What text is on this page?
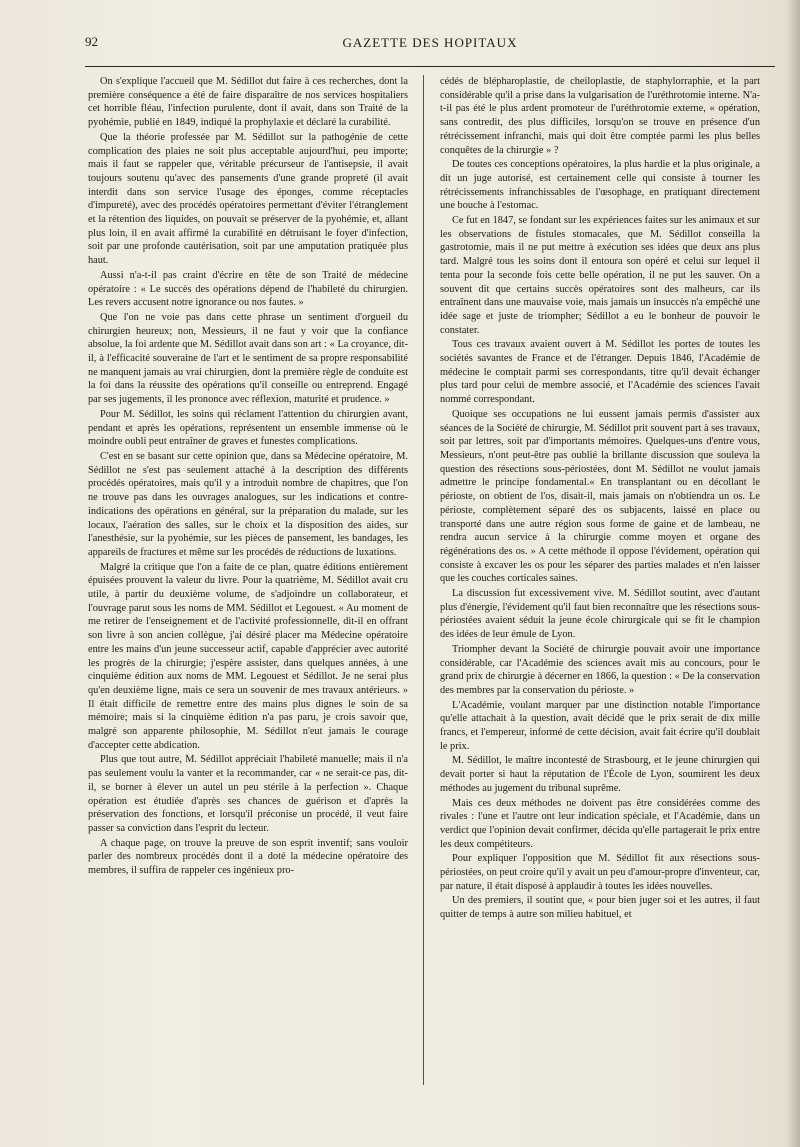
92	GAZETTE DES HOPITAUX

On s'explique l'accueil que M. Sédillot dut faire à ces recherches, dont la première conséquence a été de faire disparaître de nos services hospitaliers cet horrible fléau, l'infection purulente, dont il avait, dans son Traité de la pyohémie, publié en 1849, indiqué la prophylaxie et déclaré la curabilité.

Que la théorie professée par M. Sédillot sur la pathogénie de cette complication des plaies ne soit plus acceptable aujourd'hui, peu importe; mais il faut se rappeler que, véritable précurseur de l'antisepsie, il avait toujours soutenu qu'avec des pansements d'une grande propreté (il avait interdit dans son service l'usage des éponges, comme réceptacles d'impureté), avec des procédés opératoires permettant d'éviter l'étranglement et la rétention des liquides, on pouvait se préserver de la pyohémie, et, allant plus loin, il en avait affirmé la curabilité en détruisant le foyer d'infection, soit par une profonde cautérisation, soit par une amputation pratiquée plus haut.

Aussi n'a-t-il pas craint d'écrire en tête de son Traité de médecine opératoire : « Le succès des opérations dépend de l'habileté du chirurgien. Les revers accusent notre ignorance ou nos fautes. »

Que l'on ne voie pas dans cette phrase un sentiment d'orgueil du chirurgien heureux; non, Messieurs, il ne faut y voir que la confiance absolue, la foi ardente que M. Sédillot avait dans son art : « La croyance, dit-il, à l'efficacité souveraine de l'art et le sentiment de sa propre responsabilité ne manquent jamais au vrai chirurgien, dont la première règle de conduite est la foi dans la réussite des opérations qu'il conseille ou entreprend. Engagé par ses jugements, il les prononce avec réflexion, maturité et prudence. »

Pour M. Sédillot, les soins qui réclament l'attention du chirurgien avant, pendant et après les opérations, représentent un ensemble immense où le moindre oubli peut entraîner de graves et funestes complications.

C'est en se basant sur cette opinion que, dans sa Médecine opératoire, M. Sédillot ne s'est pas seulement attaché à la description des différents procédés opératoires, mais qu'il y a introduit nombre de chapitres, que l'on ne trouve pas dans les ouvrages analogues, sur les indications et contre-indications des opérations en général, sur la préparation du malade, sur les locaux, l'aération des salles, sur le choix et la disposition des aides, sur l'anesthésie, sur la pyohémie, sur les pièces de pansement, les bandages, les appareils de fractures et même sur les procédés de réductions de luxations.

Malgré la critique que l'on a faite de ce plan, quatre éditions entièrement épuisées prouvent la valeur du livre. Pour la quatrième, M. Sédillot avait cru utile, à partir du deuxième volume, de s'adjoindre un collaborateur, et l'ouvrage parut sous les noms de MM. Sédillot et Legouest. « Au moment de me retirer de l'enseignement et de l'activité professionnelle, dit-il en offrant son livre à son ancien collègue, j'ai désiré placer ma Médecine opératoire entre les mains d'un jeune successeur actif, capable d'apprécier avec autorité les progrès de la chirurgie; j'espère assister, dans quelques années, à une cinquième édition aux noms de MM. Legouest et Sédillot. Je ne serai plus qu'en deuxième ligne, mais ce sera un souvenir de mes travaux antérieurs. » Il était difficile de remettre entre des mains plus dignes le soin de sa mémoire; mais si la cinquième édition n'a pas paru, je crois savoir que, malgré son apparente philosophie, M. Sédillot n'eut jamais le courage d'accepter cette abdication.

Plus que tout autre, M. Sédillot appréciait l'habileté manuelle; mais il n'a pas seulement voulu la vanter et la recommander, car « ne serait-ce pas, dit-il, se borner à élever un autel un peu stérile à la perfection ». Chaque opération est étudiée d'après ses chances de guérison et d'après la préservation des fonctions, et lorsqu'il préconise un procédé, il veut faire passer sa conviction dans l'esprit du lecteur.

A chaque page, on trouve la preuve de son esprit inventif; sans vouloir parler des nombreux procédés dont il a doté la médecine opératoire des membres, il suffira de rappeler ces ingénieux pro-

cédés de blépharoplastie, de cheiloplastie, de staphylorraphie, et la part considérable qu'il a prise dans la vulgarisation de l'uréthrotomie interne. N'a-t-il pas été le plus ardent promoteur de l'uréthrotomie externe, « opération, sans contredit, des plus difficiles, lorsqu'on se trouve en présence d'un rétrécissement infranchi, mais qui doit être comptée parmi les plus belles conquêtes de la chirurgie » ?

De toutes ces conceptions opératoires, la plus hardie et la plus originale, a dit un juge autorisé, est certainement celle qui consiste à tourner les rétrécissements infranchissables de l'œsophage, en pratiquant directement une bouche à l'estomac.

Ce fut en 1847, se fondant sur les expériences faites sur les animaux et sur les observations de fistules stomacales, que M. Sédillot conseilla la gastrotomie, mais il ne put mettre à exécution ses idées que deux ans plus tard. Malgré tous les soins dont il entoura son opéré et celui sur lequel il tenta pour la seconde fois cette belle opération, il ne put les sauver. On a souvent dit que certains succès opératoires sont des malheurs, car ils entraînent dans une mauvaise voie, mais jamais un insuccès n'a empêché une idée sage et juste de triompher; Sédillot a eu le bonheur de pouvoir le constater.

Tous ces travaux avaient ouvert à M. Sédillot les portes de toutes les sociétés savantes de France et de l'étranger. Depuis 1846, l'Académie de médecine le comptait parmi ses correspondants, titre qu'il devait échanger plus tard pour celui de membre associé, et l'Académie des sciences l'avait nommé correspondant.

Quoique ses occupations ne lui eussent jamais permis d'assister aux séances de la Société de chirurgie, M. Sédillot prit souvent part à ses travaux, soit par lettres, soit par d'importants mémoires. Quelques-uns d'entre vous, Messieurs, n'ont peut-être pas oublié la brillante discussion que souleva la question des résections sous-périostées, dont M. Sédillot ne voulut jamais admettre le principe fondamental.« En transplantant ou en décollant le périoste, on obtient de l'os, disait-il, mais jamais on n'obtiendra un os. Le périoste, complètement séparé des os subjacents, laissé en place ou transporté dans une autre région sous forme de gaine et de lambeau, ne rendra aucun service à la chirurgie comme moyen et organe des régénérations des os. » A cette méthode il oppose l'évidement, opération qui consiste à excaver les os pour les séparer des parties malades et n'en laisser que les couches corticales saines.

La discussion fut excessivement vive. M. Sédillot soutint, avec d'autant plus d'énergie, l'évidement qu'il faut bien reconnaître que les résections sous-périostées avaient séduit la jeune école chirurgicale qui se fit le champion des idées de leur émule de Lyon.

Triompher devant la Société de chirurgie pouvait avoir une importance considérable, car l'Académie des sciences avait mis au concours, pour le grand prix de chirurgie à décerner en 1866, la question : « De la conservation des membres par la conservation du périoste. »

L'Académie, voulant marquer par une distinction notable l'importance qu'elle attachait à la question, avait décidé que le prix serait de dix mille francs, et l'empereur, informé de cette décision, avait fait écrire qu'il doublait le prix.

M. Sédillot, le maître incontesté de Strasbourg, et le jeune chirurgien qui devait porter si haut la réputation de l'École de Lyon, soumirent les deux méthodes au jugement du tribunal suprême.

Mais ces deux méthodes ne doivent pas être considérées comme des rivales : l'une et l'autre ont leur indication spéciale, et l'Académie, dans un verdict que l'opinion devait confirmer, décida qu'elle partagerait le prix entre les deux compétiteurs.

Pour expliquer l'opposition que M. Sédillot fit aux résections sous-périostées, on peut croire qu'il y avait un peu d'amour-propre d'inventeur, car, par nature, il était disposé à applaudir à toutes les idées nouvelles.

Un des premiers, il soutint que, « pour bien juger soi et les autres, il faut quitter de temps à autre son milieu habituel, et
